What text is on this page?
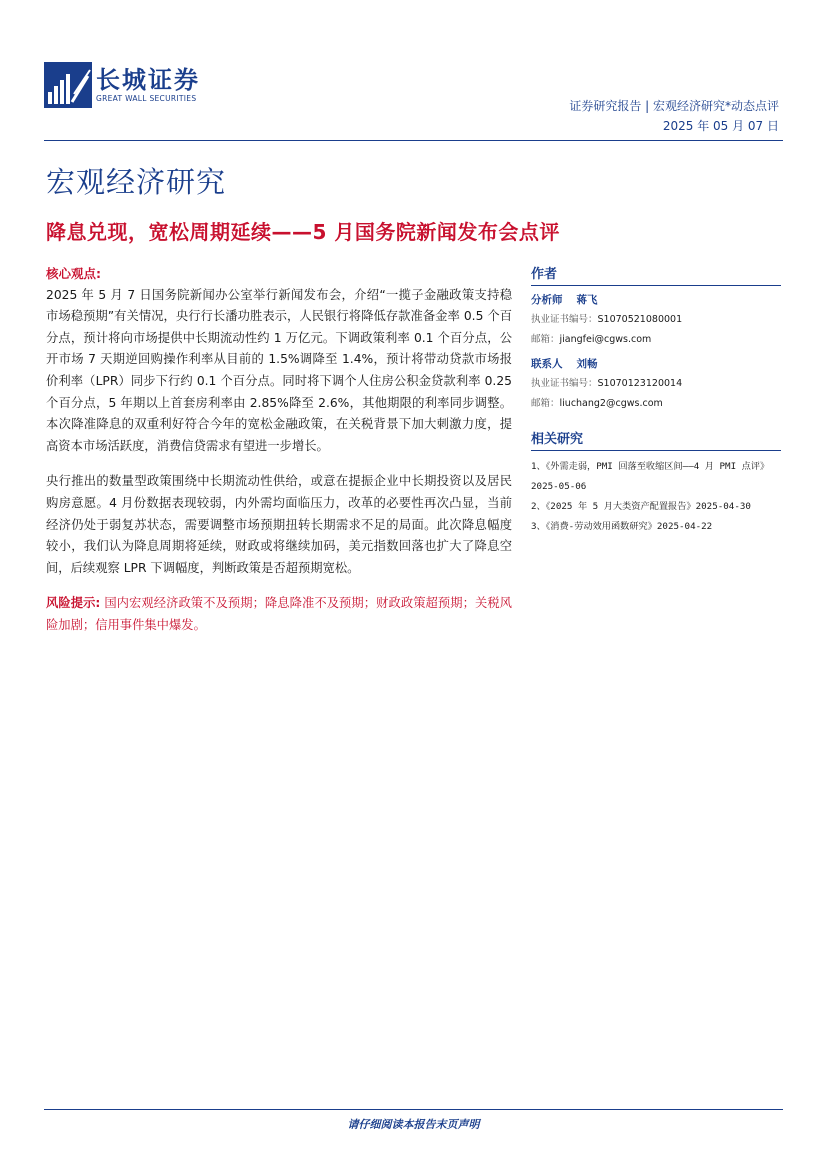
长城证券
GREAT WALL SECURITIES
证券研究报告 | 宏观经济研究*动态点评
2025 年 05 月 07 日
宏观经济研究
降息兑现，宽松周期延续——5 月国务院新闻发布会点评
核心观点:

2025 年 5 月 7 日国务院新闻办公室举行新闻发布会，介绍“一揽子金融政策支持稳市场稳预期”有关情况，央行行长潘功胜表示，人民银行将降低存款准备金率 0.5 个百分点，预计将向市场提供中长期流动性约 1 万亿元。下调政策利率 0.1 个百分点，公开市场 7 天期逆回购操作利率从目前的 1.5%调降至 1.4%，预计将带动贷款市场报价利率（LPR）同步下行约 0.1 个百分点。同时将下调个人住房公积金贷款利率 0.25 个百分点，5 年期以上首套房利率由 2.85%降至 2.6%，其他期限的利率同步调整。本次降准降息的双重利好符合今年的宽松金融政策，在关税背景下加大刺激力度，提高资本市场活跃度，消费信贷需求有望进一步增长。

央行推出的数量型政策围绕中长期流动性供给，或意在提振企业中长期投资以及居民购房意愿。4 月份数据表现较弱，内外需均面临压力，改革的必要性再次凸显，当前经济仍处于弱复苏状态，需要调整市场预期扭转长期需求不足的局面。此次降息幅度较小，我们认为降息周期将延续，财政或将继续加码，美元指数回落也扩大了降息空间，后续观察 LPR 下调幅度，判断政策是否超预期宽松。

风险提示: 国内宏观经济政策不及预期；降息降准不及预期；财政政策超预期；关税风险加剧；信用事件集中爆发。

作者
分析师 蒋飞
执业证书编号：S1070521080001
邮箱：jiangfei@cgws.com
联系人 刘畅
执业证书编号：S1070123120014
邮箱：liuchang2@cgws.com
相关研究
1、《外需走弱，PMI 回落至收缩区间——4 月 PMI 点评》2025-05-06
2、《2025 年 5 月大类资产配置报告》2025-04-30
3、《消费-劳动效用函数研究》2025-04-22
请仔细阅读本报告末页声明
